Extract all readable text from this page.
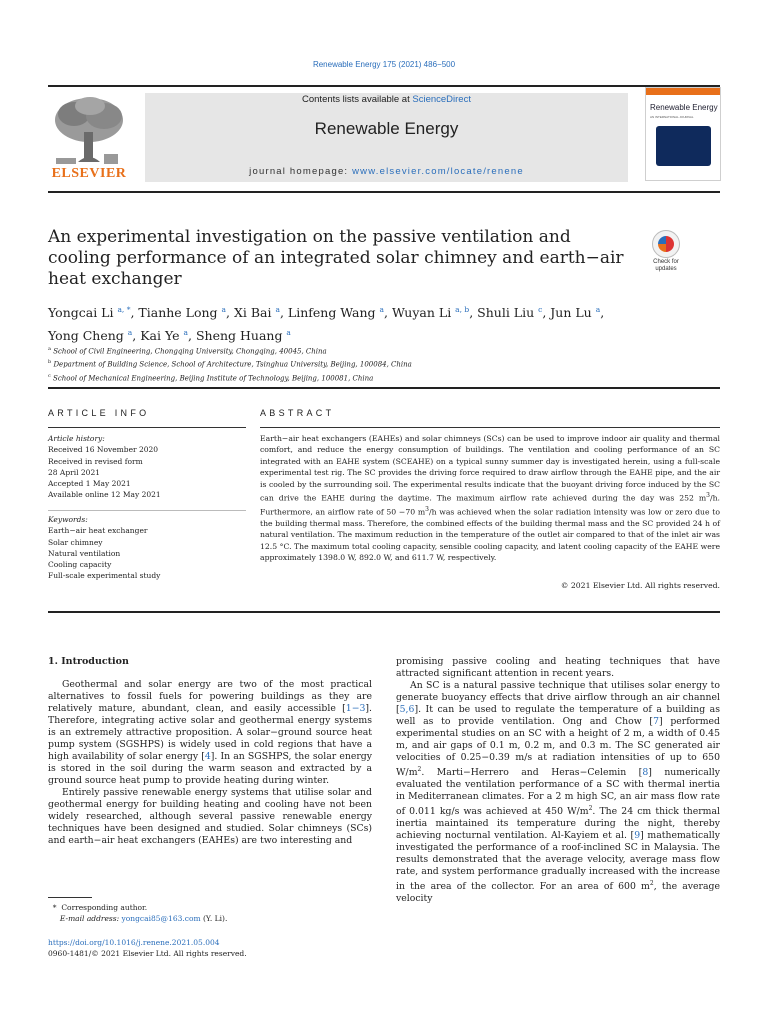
Renewable Energy 175 (2021) 486−500
ELSEVIER
Contents lists available at ScienceDirect
Renewable Energy
journal homepage: www.elsevier.com/locate/renene
Renewable Energy
AN INTERNATIONAL JOURNAL
An experimental investigation on the passive ventilation and cooling performance of an integrated solar chimney and earth−air heat exchanger
Check for
updates
Yongcai Li $^{a, *}$, Tianhe Long $^a$, Xi Bai $^a$, Linfeng Wang $^a$, Wuyan Li $^{a, b}$, Shuli Liu $^c$, Jun Lu $^a$,
Yong Cheng $^a$, Kai Ye $^a$, Sheng Huang $^a$
$^a$ School of Civil Engineering, Chongqing University, Chongqing, 40045, China
$^b$ Department of Building Science, School of Architecture, Tsinghua University, Beijing, 100084, China
$^c$ School of Mechanical Engineering, Beijing Institute of Technology, Beijing, 100081, China
ARTICLE INFO
Article history:
Received 16 November 2020
Received in revised form
28 April 2021
Accepted 1 May 2021
Available online 12 May 2021
Keywords:
Earth−air heat exchanger
Solar chimney
Natural ventilation
Cooling capacity
Full-scale experimental study
ABSTRACT
Earth−air heat exchangers (EAHEs) and solar chimneys (SCs) can be used to improve indoor air quality and thermal comfort, and reduce the energy consumption of buildings. The ventilation and cooling performance of an SC integrated with an EAHE system (SCEAHE) on a typical sunny summer day is investigated herein, using a full-scale experimental test rig. The SC provides the driving force required to draw airflow through the EAHE pipe, and the air is cooled by the surrounding soil. The experimental results indicate that the buoyant driving force induced by the SC can drive the EAHE during the daytime. The maximum airflow rate achieved during the day was 252 $m^3/h$. Furthermore, an airflow rate of 50 −70 $m^3/h$ was achieved when the solar radiation intensity was low or zero due to the building thermal mass. Therefore, the combined effects of the building thermal mass and the SC provided 24 h of natural ventilation. The maximum reduction in the temperature of the outlet air compared to that of the inlet air was 12.5 °C. The maximum total cooling capacity, sensible cooling capacity, and latent cooling capacity of the EAHE were approximately 1398.0 W, 892.0 W, and 611.7 W, respectively.
© 2021 Elsevier Ltd. All rights reserved.
1. Introduction

Geothermal and solar energy are two of the most practical alternatives to fossil fuels for powering buildings as they are relatively mature, abundant, clean, and easily accessible [1−3]. Therefore, integrating active solar and geothermal energy systems is an extremely attractive proposition. A solar−ground source heat pump system (SGSHPS) is widely used in cold regions that have a high availability of solar energy [4]. In an SGSHPS, the solar energy is stored in the soil during the warm season and extracted by a ground source heat pump to provide heating during winter.

Entirely passive renewable energy systems that utilise solar and geothermal energy for building heating and cooling have not been widely researched, although several passive renewable energy techniques have been designed and studied. Solar chimneys (SCs) and earth−air heat exchangers (EAHEs) are two interesting and

promising passive cooling and heating techniques that have attracted significant attention in recent years.

An SC is a natural passive technique that utilises solar energy to generate buoyancy effects that drive airflow through an air channel [5,6]. It can be used to regulate the temperature of a building as well as to provide ventilation. Ong and Chow [7] performed experimental studies on an SC with a height of 2 m, a width of 0.45 m, and air gaps of 0.1 m, 0.2 m, and 0.3 m. The SC generated air velocities of 0.25−0.39 m/s at radiation intensities of up to 650 $W/m^2$. Marti−Herrero and Heras−Celemin [8] numerically evaluated the ventilation performance of a SC with thermal inertia in Mediterranean climates. For a 2 m high SC, an air mass flow rate of 0.011 kg/s was achieved at 450 $W/m^2$. The 24 cm thick thermal inertia maintained its temperature during the night, thereby achieving nocturnal ventilation. Al-Kayiem et al. [9] mathematically investigated the performance of a roof-inclined SC in Malaysia. The results demonstrated that the average velocity, average mass flow rate, and system performance gradually increased with the increase in the area of the collector. For an area of 600 $m^2$, the average velocity

* Corresponding author.
E-mail address: yongcai85@163.com (Y. Li).
https://doi.org/10.1016/j.renene.2021.05.004
0960-1481/© 2021 Elsevier Ltd. All rights reserved.
